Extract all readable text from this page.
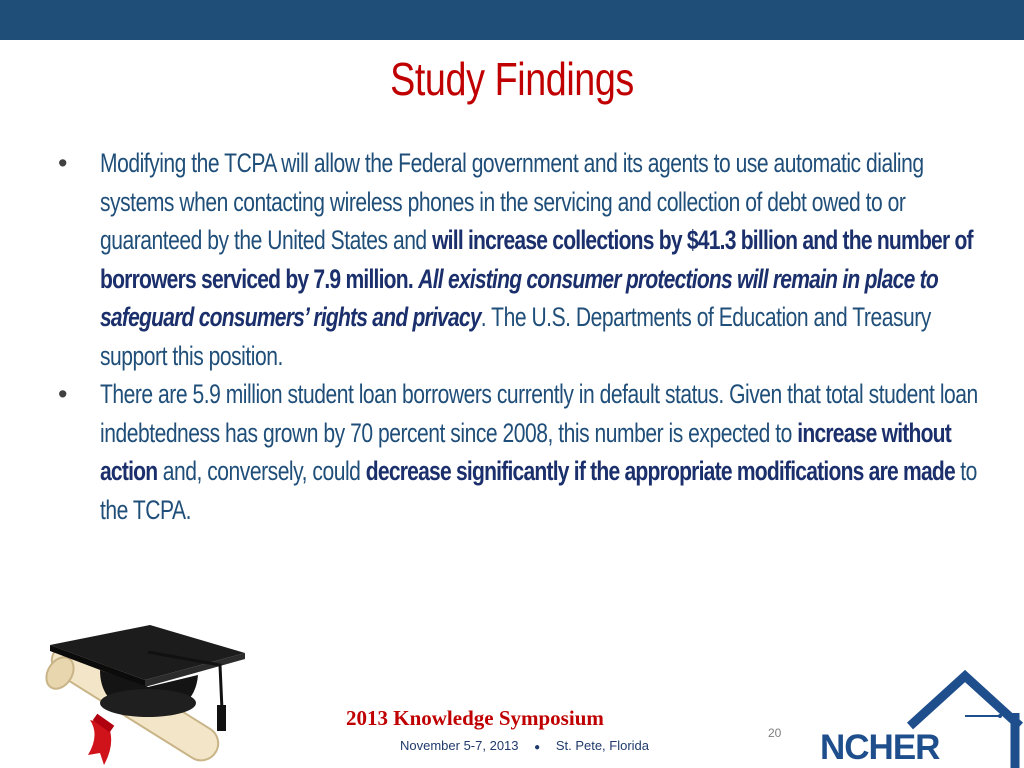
Study Findings
• Modifying the TCPA will allow the Federal government and its agents to use automatic dialing systems when contacting wireless phones in the servicing and collection of debt owed to or guaranteed by the United States and will increase collections by $41.3 billion and the number of borrowers serviced by 7.9 million. All existing consumer protections will remain in place to safeguard consumers’ rights and privacy. The U.S. Departments of Education and Treasury support this position.
• There are 5.9 million student loan borrowers currently in default status. Given that total student loan indebtedness has grown by 70 percent since 2008, this number is expected to increase without action and, conversely, could decrease significantly if the appropriate modifications are made to the TCPA.
2013 Knowledge Symposium
November 5-7, 2013 ● St. Pete, Florida
20 NCHER
